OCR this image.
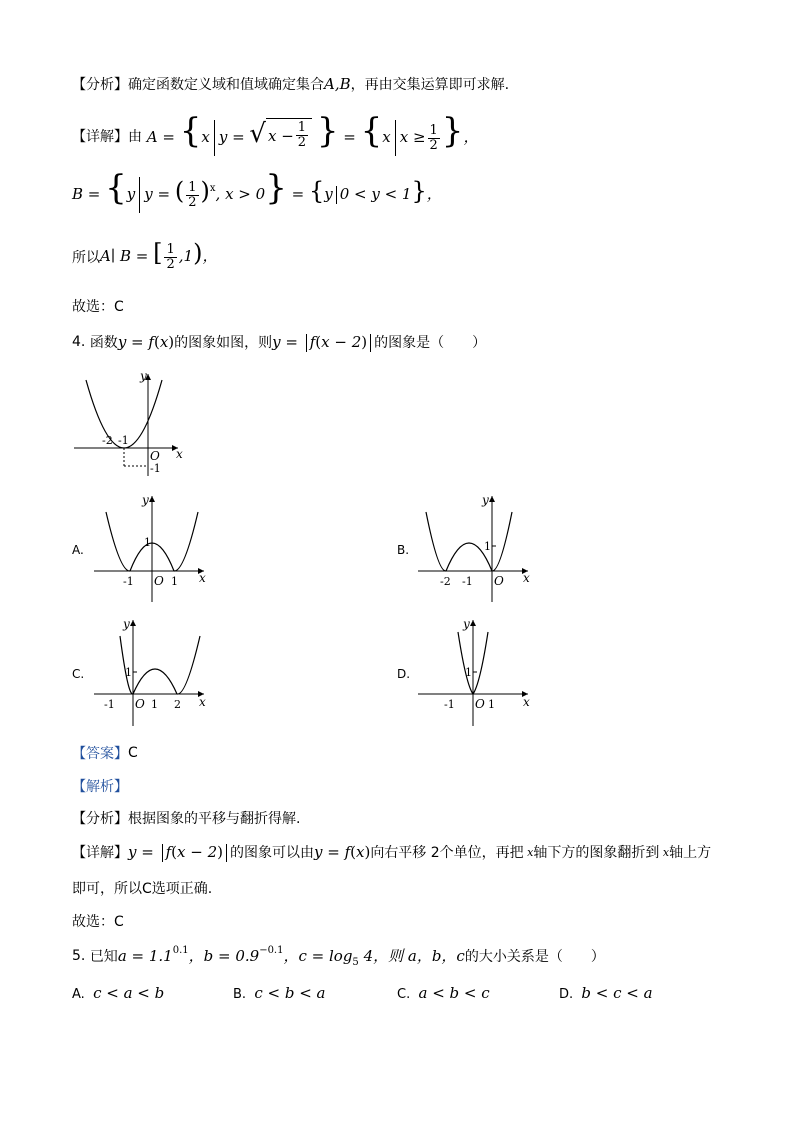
【分析】 确定函数定义域和值域确定集合 A,B ，再由交集运算即可求解.
【详解】 由 A = {x y = √ $x - \frac{1}{2}$ } = {x $x \ge \frac{1}{2}$ }，
B = {y y = ( $\frac{1}{2} )^x$, x > 0} = {y 0 < y < 1}，
所以 A∣ B = [ $\frac{1}{2} ,1$)，
故选：C
4.
函数 y = f(x) 的图象如图，则 y = f(x − 2) 的图象是（　　）
y
x
O
-2 -1
-1
A.
y
x
-1 O 1
1
B.
y
x
-2 -1 O
1
C.
y
x
-1 O 1 2
1	D.
y
x
-1 O 1
1
【答案】 C
【解析】
【分析】 根据图象的平移与翻折得解.
【详解】 y = f(x − 2) 的图象可以由 y = f(x) 向右平移 2个单位，再把 x 轴下方的图象翻折到 x 轴上方
即可，所以C选项正确.
故选：C
5.
已知 $a = 1.1^{0.1}$，$b = 0.9^{-0.1}$，$c = \log_5 4$，则 a，b，c 的大小关系是（　　）
A. c < a < b	B. c < b < a	C. a < b < c	D. b < c < a
